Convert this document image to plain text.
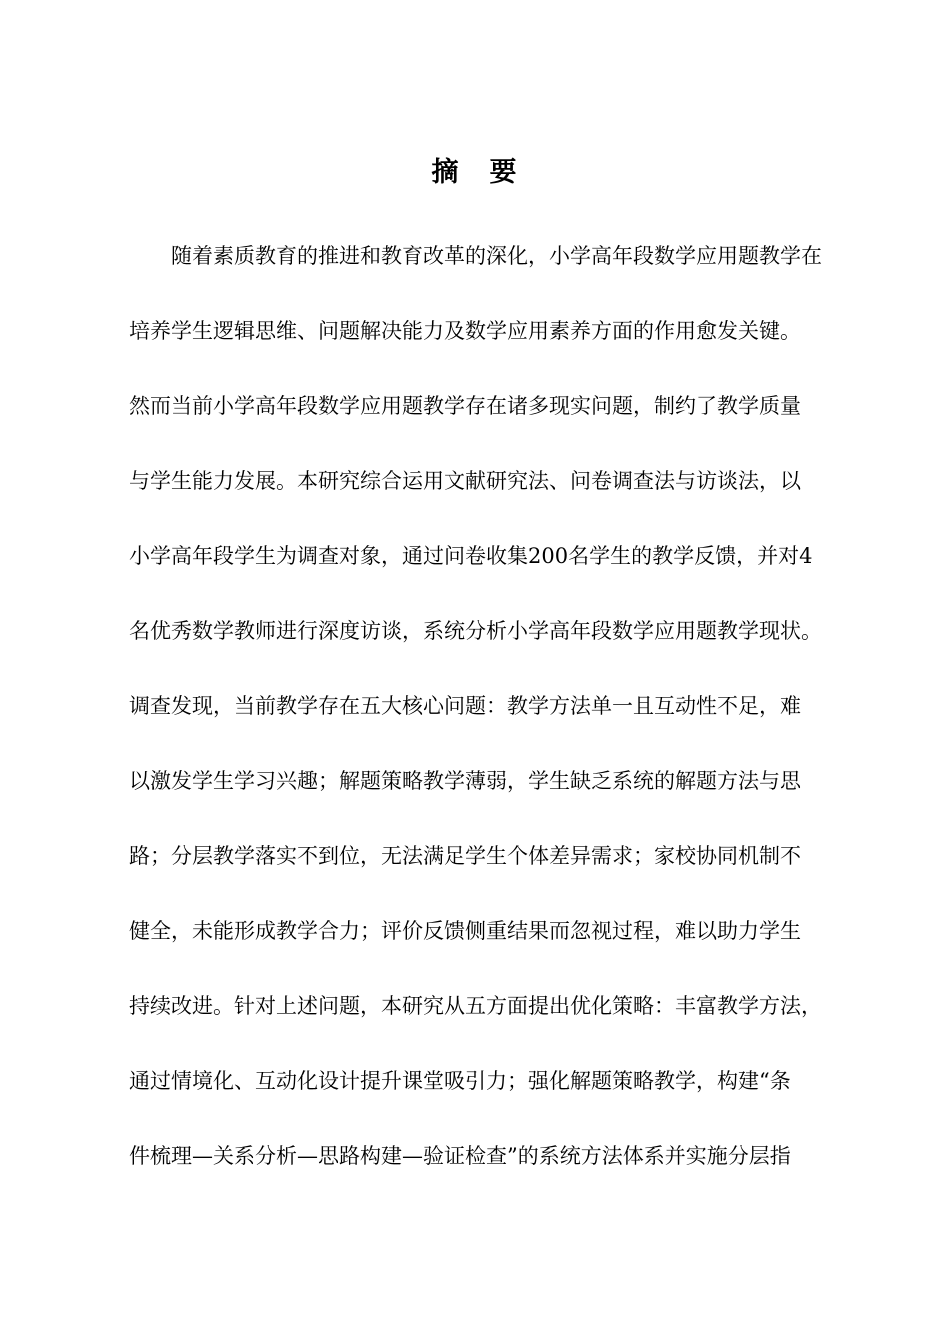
摘　要
随着素质教育的推进和教育改革的深化，小学高年段数学应用题教学在
培养学生逻辑思维、问题解决能力及数学应用素养方面的作用愈发关键。
然而当前小学高年段数学应用题教学存在诸多现实问题，制约了教学质量
与学生能力发展。本研究综合运用文献研究法、问卷调查法与访谈法，以
小学高年段学生为调查对象，通过问卷收集200名学生的教学反馈，并对4
名优秀数学教师进行深度访谈，系统分析小学高年段数学应用题教学现状。
调查发现，当前教学存在五大核心问题：教学方法单一且互动性不足，难
以激发学生学习兴趣；解题策略教学薄弱，学生缺乏系统的解题方法与思
路；分层教学落实不到位，无法满足学生个体差异需求；家校协同机制不
健全，未能形成教学合力；评价反馈侧重结果而忽视过程，难以助力学生
持续改进。针对上述问题，本研究从五方面提出优化策略：丰富教学方法，
通过情境化、互动化设计提升课堂吸引力；强化解题策略教学，构建“条
件梳理—关系分析—思路构建—验证检查”的系统方法体系并实施分层指
